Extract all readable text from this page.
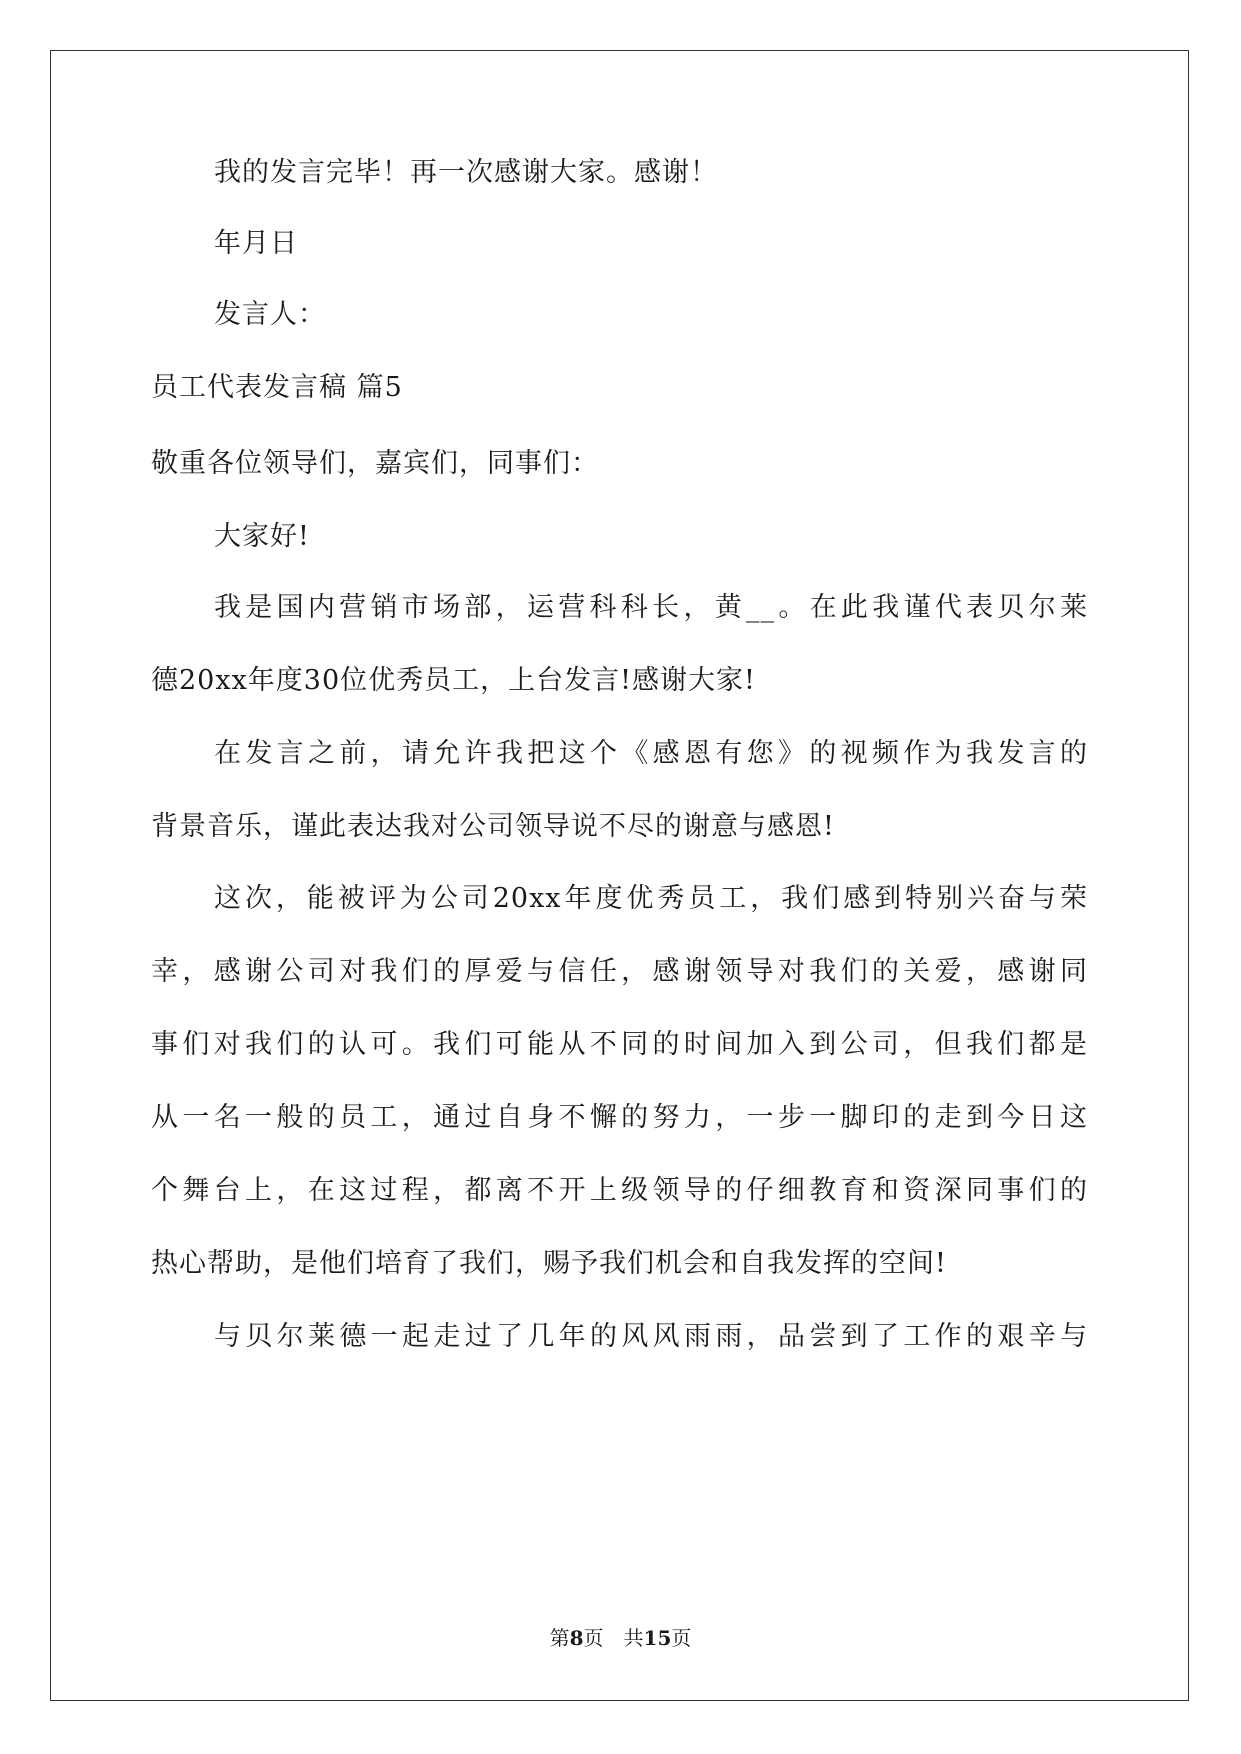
我的发言完毕！再一次感谢大家。感谢！
年月日
发言人：
员工代表发言稿 篇5
敬重各位领导们，嘉宾们，同事们：
大家好!
我是国内营销市场部，运营科科长，黄__。在此我谨代表贝尔莱
德20xx年度30位优秀员工，上台发言!感谢大家!
在发言之前，请允许我把这个《感恩有您》的视频作为我发言的
背景音乐，谨此表达我对公司领导说不尽的谢意与感恩!
这次，能被评为公司20xx年度优秀员工，我们感到特别兴奋与荣
幸，感谢公司对我们的厚爱与信任，感谢领导对我们的关爱，感谢同
事们对我们的认可。我们可能从不同的时间加入到公司，但我们都是
从一名一般的员工，通过自身不懈的努力，一步一脚印的走到今日这
个舞台上，在这过程，都离不开上级领导的仔细教育和资深同事们的
热心帮助，是他们培育了我们，赐予我们机会和自我发挥的空间!
与贝尔莱德一起走过了几年的风风雨雨，品尝到了工作的艰辛与
第8页　共15页
